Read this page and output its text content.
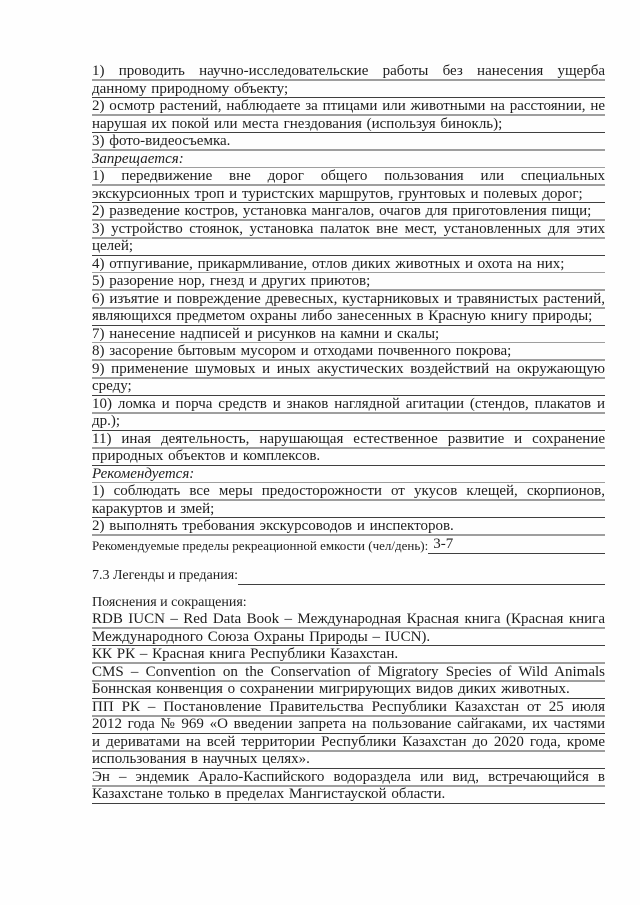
1) проводить научно-исследовательские работы без нанесения ущерба данному природному объекту;
2) осмотр растений, наблюдаете за птицами или животными на расстоянии, не нарушая их покой или места гнездования (используя бинокль);
3) фото-видеосъемка.
Запрещается:
1) передвижение вне дорог общего пользования или специальных экскурсионных троп и туристских маршрутов, грунтовых и полевых дорог;
2) разведение костров, установка мангалов, очагов для приготовления пищи;
3) устройство стоянок, установка палаток вне мест, установленных для этих целей;
4) отпугивание, прикармливание, отлов диких животных и охота на них;
5) разорение нор, гнезд и других приютов;
6) изъятие и повреждение древесных, кустарниковых и травянистых растений, являющихся предметом охраны либо занесенных в Красную книгу природы;
7) нанесение надписей и рисунков на камни и скалы;
8) засорение бытовым мусором и отходами почвенного покрова;
9) применение шумовых и иных акустических воздействий на окружающую среду;
10) ломка и порча средств и знаков наглядной агитации (стендов, плакатов и др.);
11) иная деятельность, нарушающая естественное развитие и сохранение природных объектов и комплексов.
Рекомендуется:
1) соблюдать все меры предосторожности от укусов клещей, скорпионов, каракуртов и змей;
2) выполнять требования экскурсоводов и инспекторов.
Рекомендуемые пределы рекреационной емкости (чел/день): 3-7
7.3 Легенды и предания:
Пояснения и сокращения:
RDB IUCN – Red Data Book – Международная Красная книга (Красная книга Международного Союза Охраны Природы – IUCN).
КК РК – Красная книга Республики Казахстан.
CMS – Convention on the Conservation of Migratory Species of Wild Animals Боннская конвенция о сохранении мигрирующих видов диких животных.
ПП РК – Постановление Правительства Республики Казахстан от 25 июля 2012 года № 969 «О введении запрета на пользование сайгаками, их частями и дериватами на всей территории Республики Казахстан до 2020 года, кроме использования в научных целях».
Эн – эндемик Арало-Каспийского водораздела или вид, встречающийся в Казахстане только в пределах Мангистауской области.
